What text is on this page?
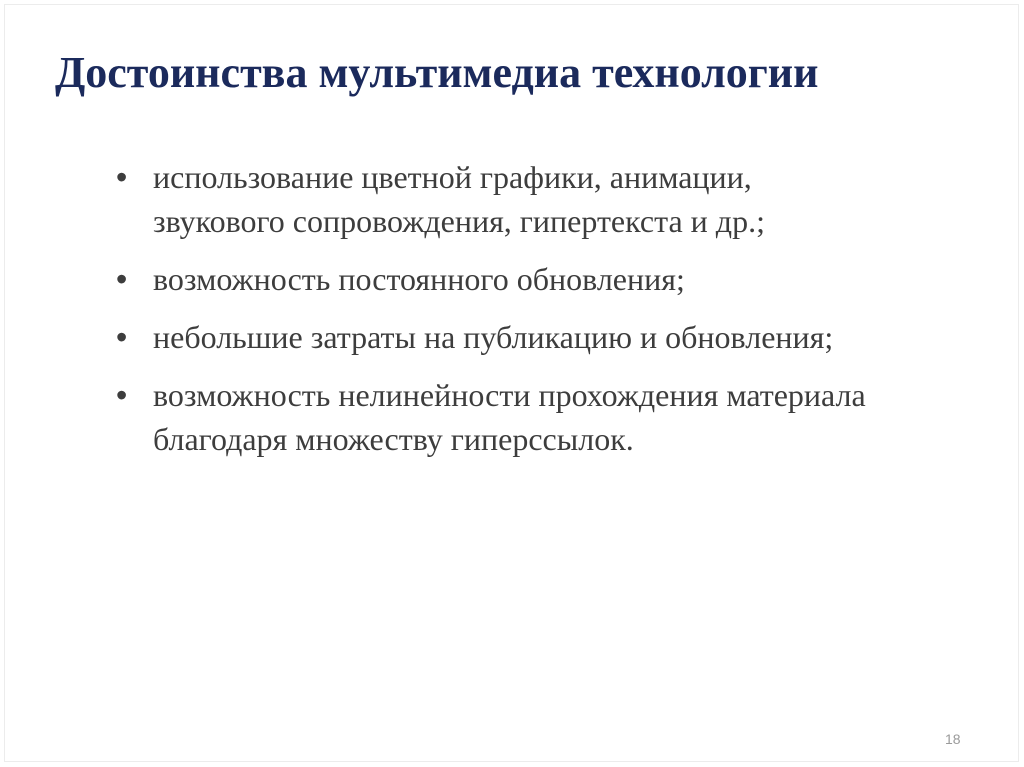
Достоинства мультимедиа технологии
• использование цветной графики, анимации, звукового сопровождения, гипертекста и др.;
• возможность постоянного обновления;
• небольшие затраты на публикацию и обновления;
• возможность нелинейности прохождения материала благодаря множеству гиперссылок.
18
